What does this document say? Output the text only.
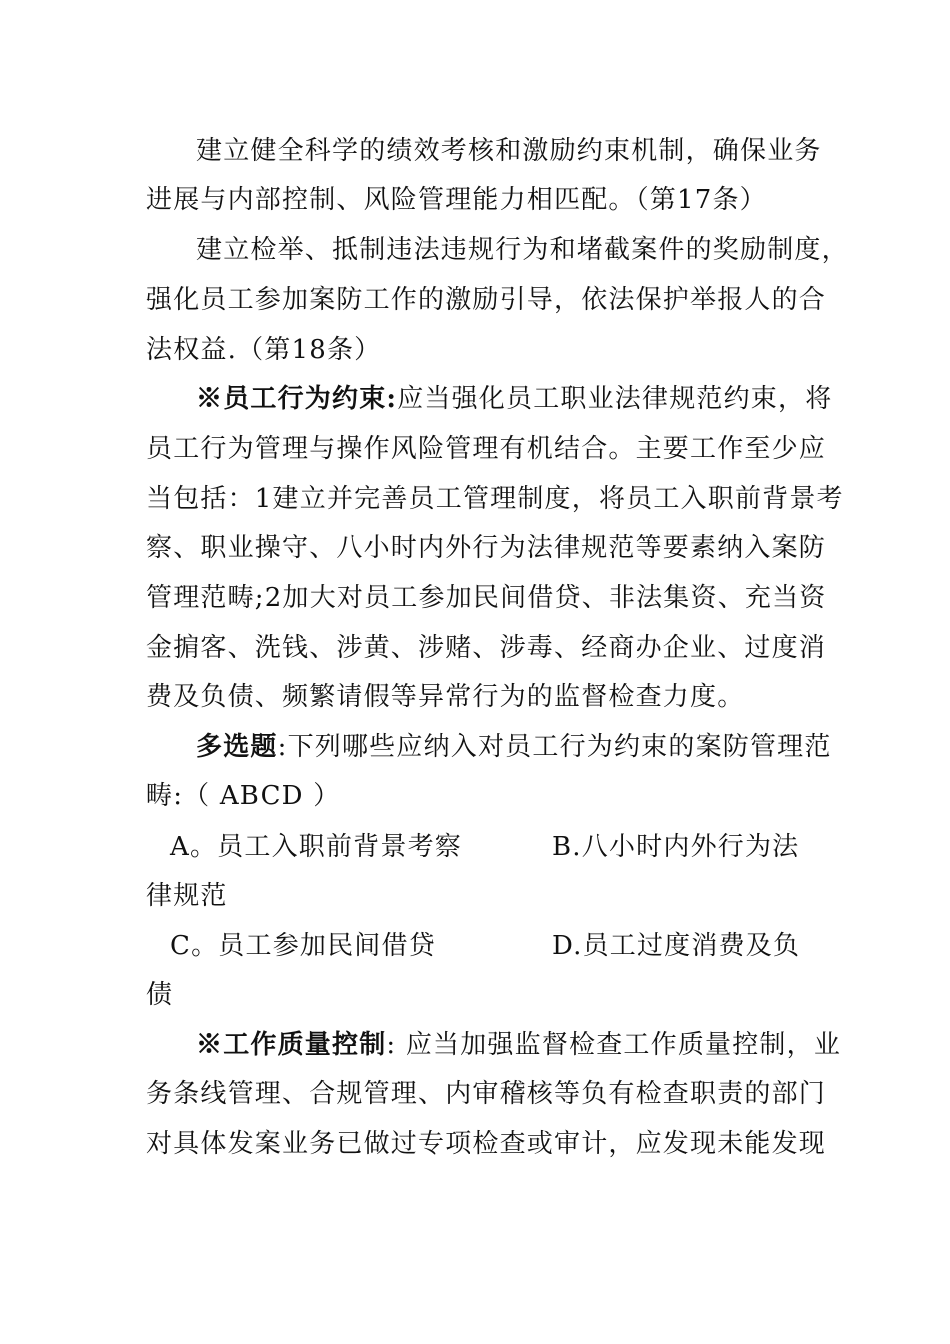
建立健全科学的绩效考核和激励约束机制，确保业务
进展与内部控制、风险管理能力相匹配。（第17条）
建立检举、抵制违法违规行为和堵截案件的奖励制度，
强化员工参加案防工作的激励引导，依法保护举报人的合
法权益.（第18条）
※员工行为约束:应当强化员工职业法律规范约束，将
员工行为管理与操作风险管理有机结合。主要工作至少应
当包括：1建立并完善员工管理制度，将员工入职前背景考
察、职业操守、八小时内外行为法律规范等要素纳入案防
管理范畴;2加大对员工参加民间借贷、非法集资、充当资
金掮客、洗钱、涉黄、涉赌、涉毒、经商办企业、过度消
费及负债、频繁请假等异常行为的监督检查力度。
多选题:下列哪些应纳入对员工行为约束的案防管理范
畴:（ ABCD ）
A。员工入职前背景考察	B.八小时内外行为法
律规范
C。员工参加民间借贷	D.员工过度消费及负
债
※工作质量控制: 应当加强监督检查工作质量控制，业
务条线管理、合规管理、内审稽核等负有检查职责的部门
对具体发案业务已做过专项检查或审计，应发现未能发现
